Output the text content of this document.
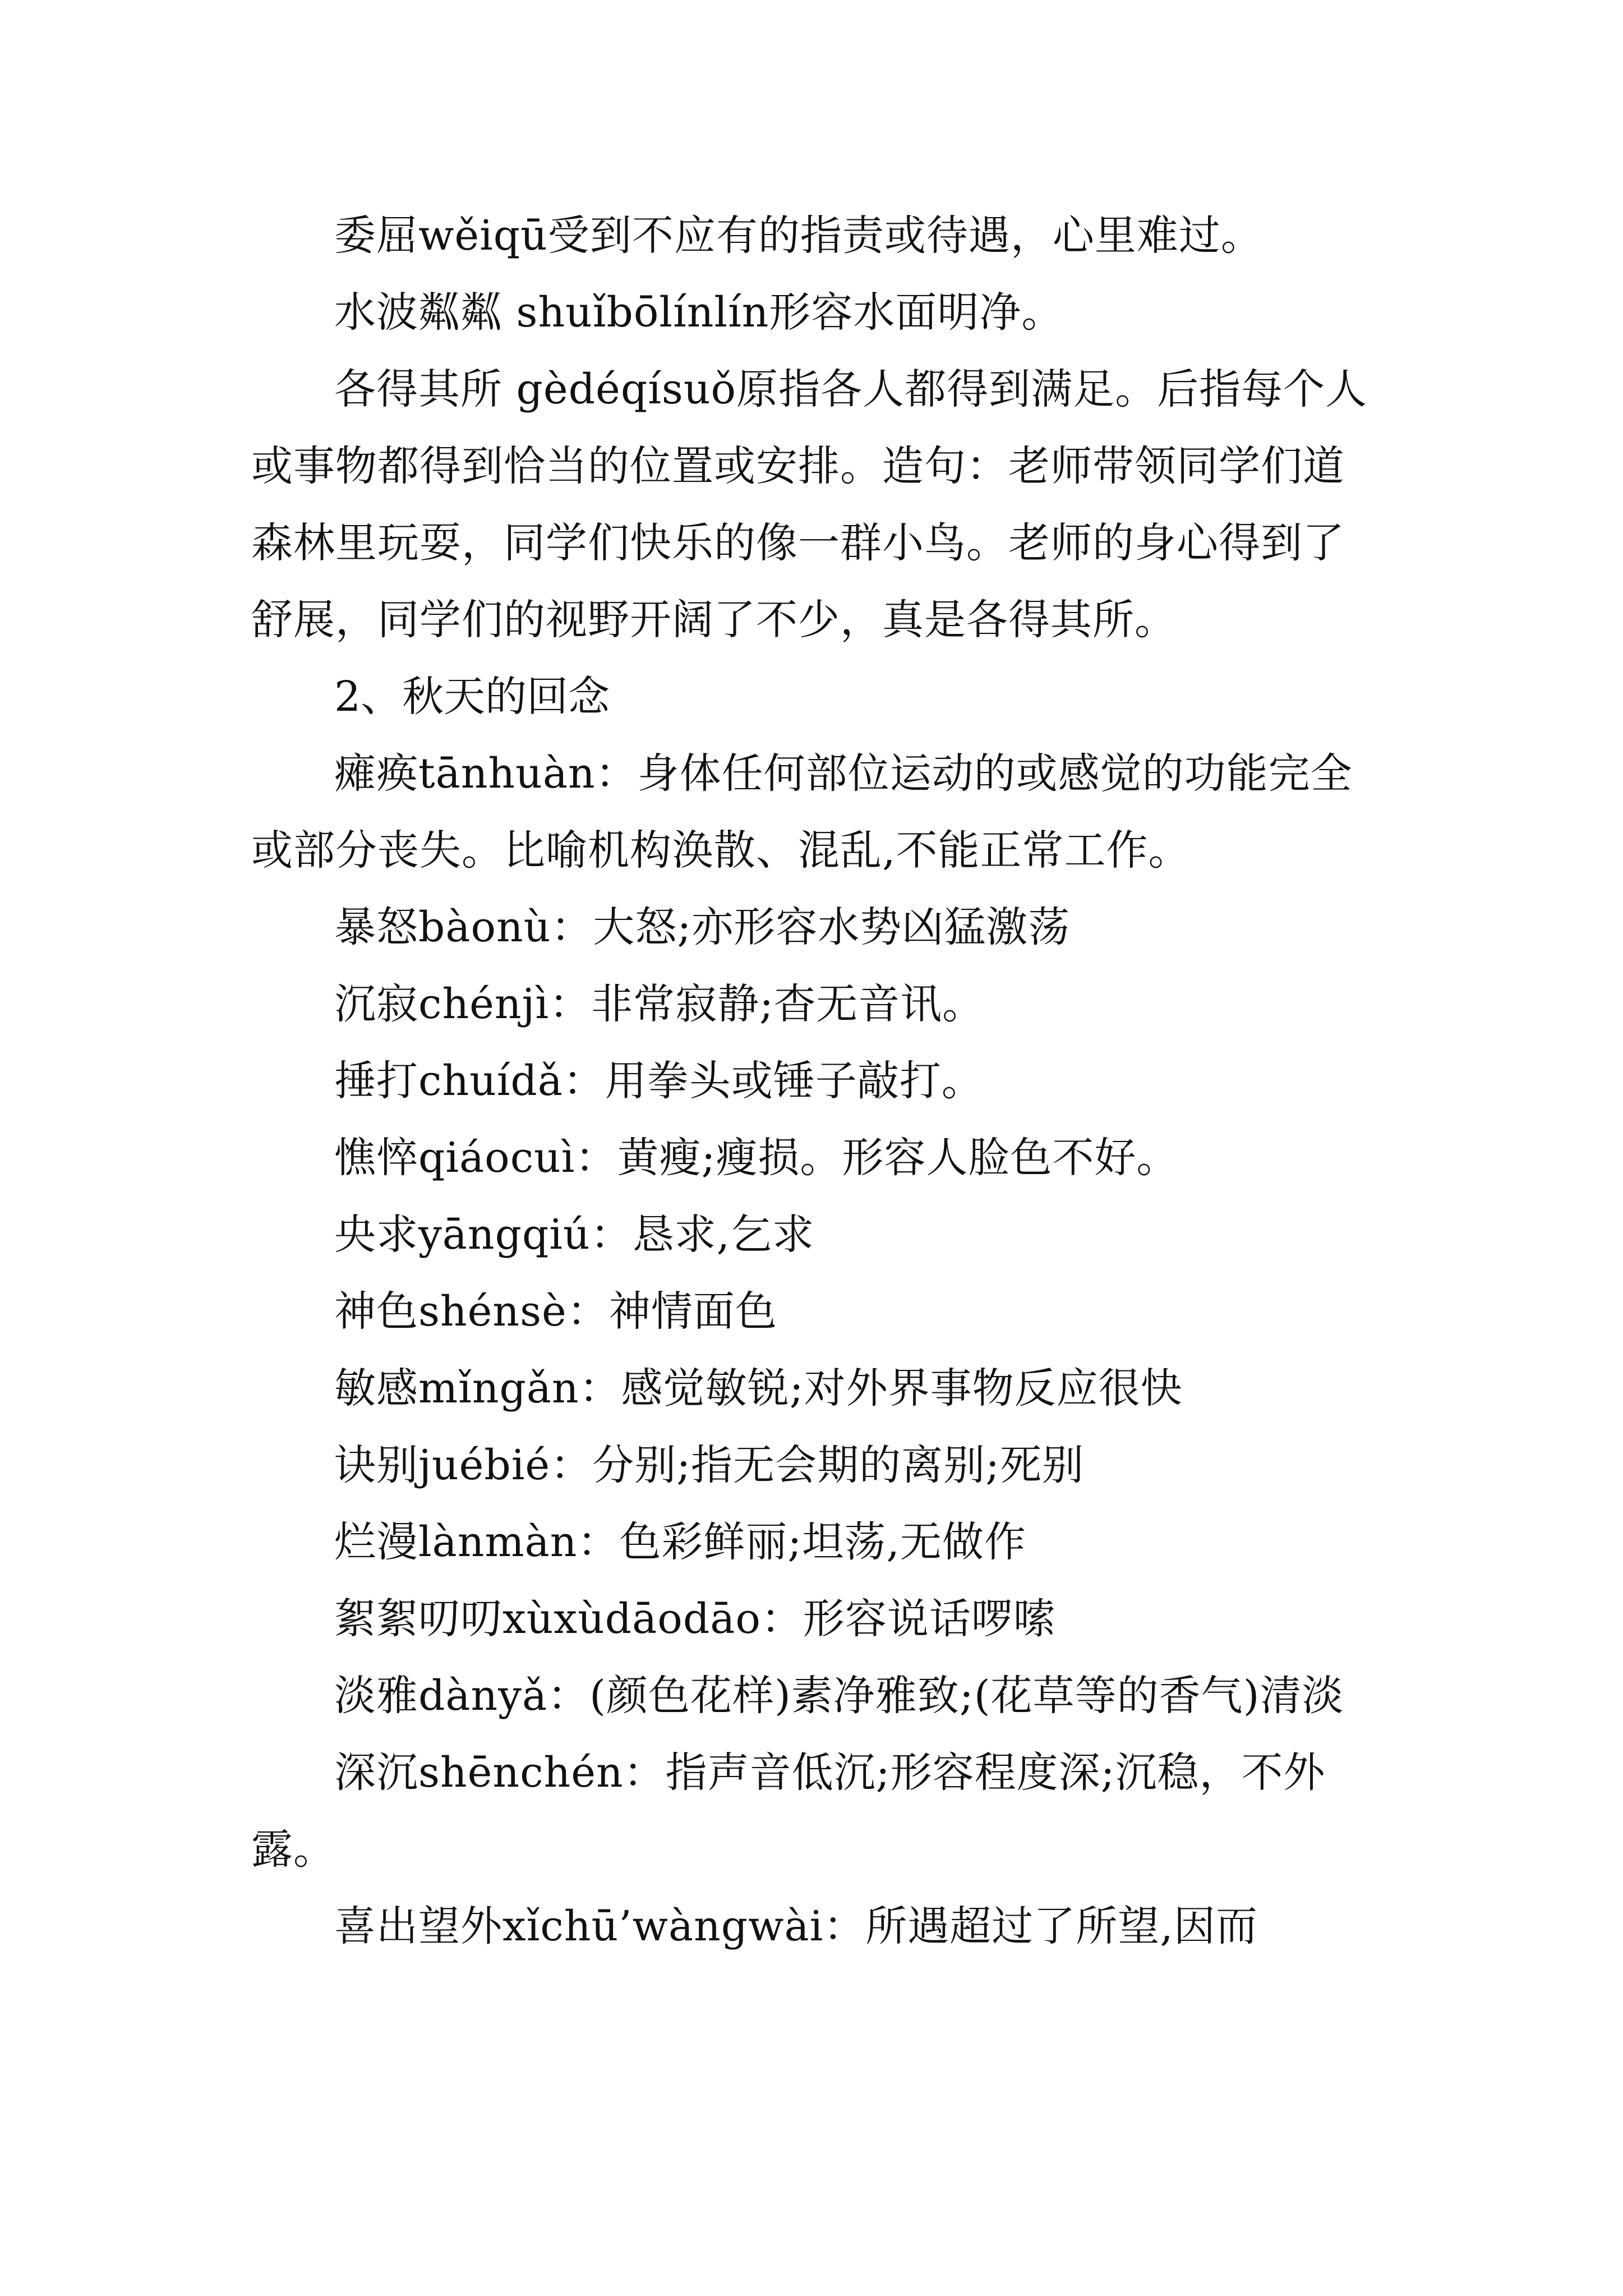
委屈wěiqū受到不应有的指责或待遇，心里难过。

水波粼粼 shuǐbōlínlín形容水面明净。

各得其所 gèdéqísuǒ原指各人都得到满足。后指每个人或事物都得到恰当的位置或安排。造句：老师带领同学们道森林里玩耍，同学们快乐的像一群小鸟。老师的身心得到了舒展，同学们的视野开阔了不少，真是各得其所。

2、秋天的回念

瘫痪tānhuàn：身体任何部位运动的或感觉的功能完全或部分丧失。比喻机构涣散、混乱,不能正常工作。

暴怒bàonù：大怒;亦形容水势凶猛激荡

沉寂chénjì：非常寂静;杳无音讯。

捶打chuídǎ：用拳头或锤子敲打。

憔悴qiáocuì：黄瘦;瘦损。形容人脸色不好。

央求yāngqiú：恳求,乞求

神色shénsè：神情面色

敏感mǐngǎn：感觉敏锐;对外界事物反应很快

诀别juébié：分别;指无会期的离别;死别

烂漫lànmàn：色彩鲜丽;坦荡,无做作

絮絮叨叨xùxùdāodāo：形容说话啰嗦

淡雅dànyǎ：(颜色花样)素净雅致;(花草等的香气)清淡

深沉shēnchén：指声音低沉;形容程度深;沉稳，不外露。

喜出望外xǐchū’wàngwài：所遇超过了所望,因而
